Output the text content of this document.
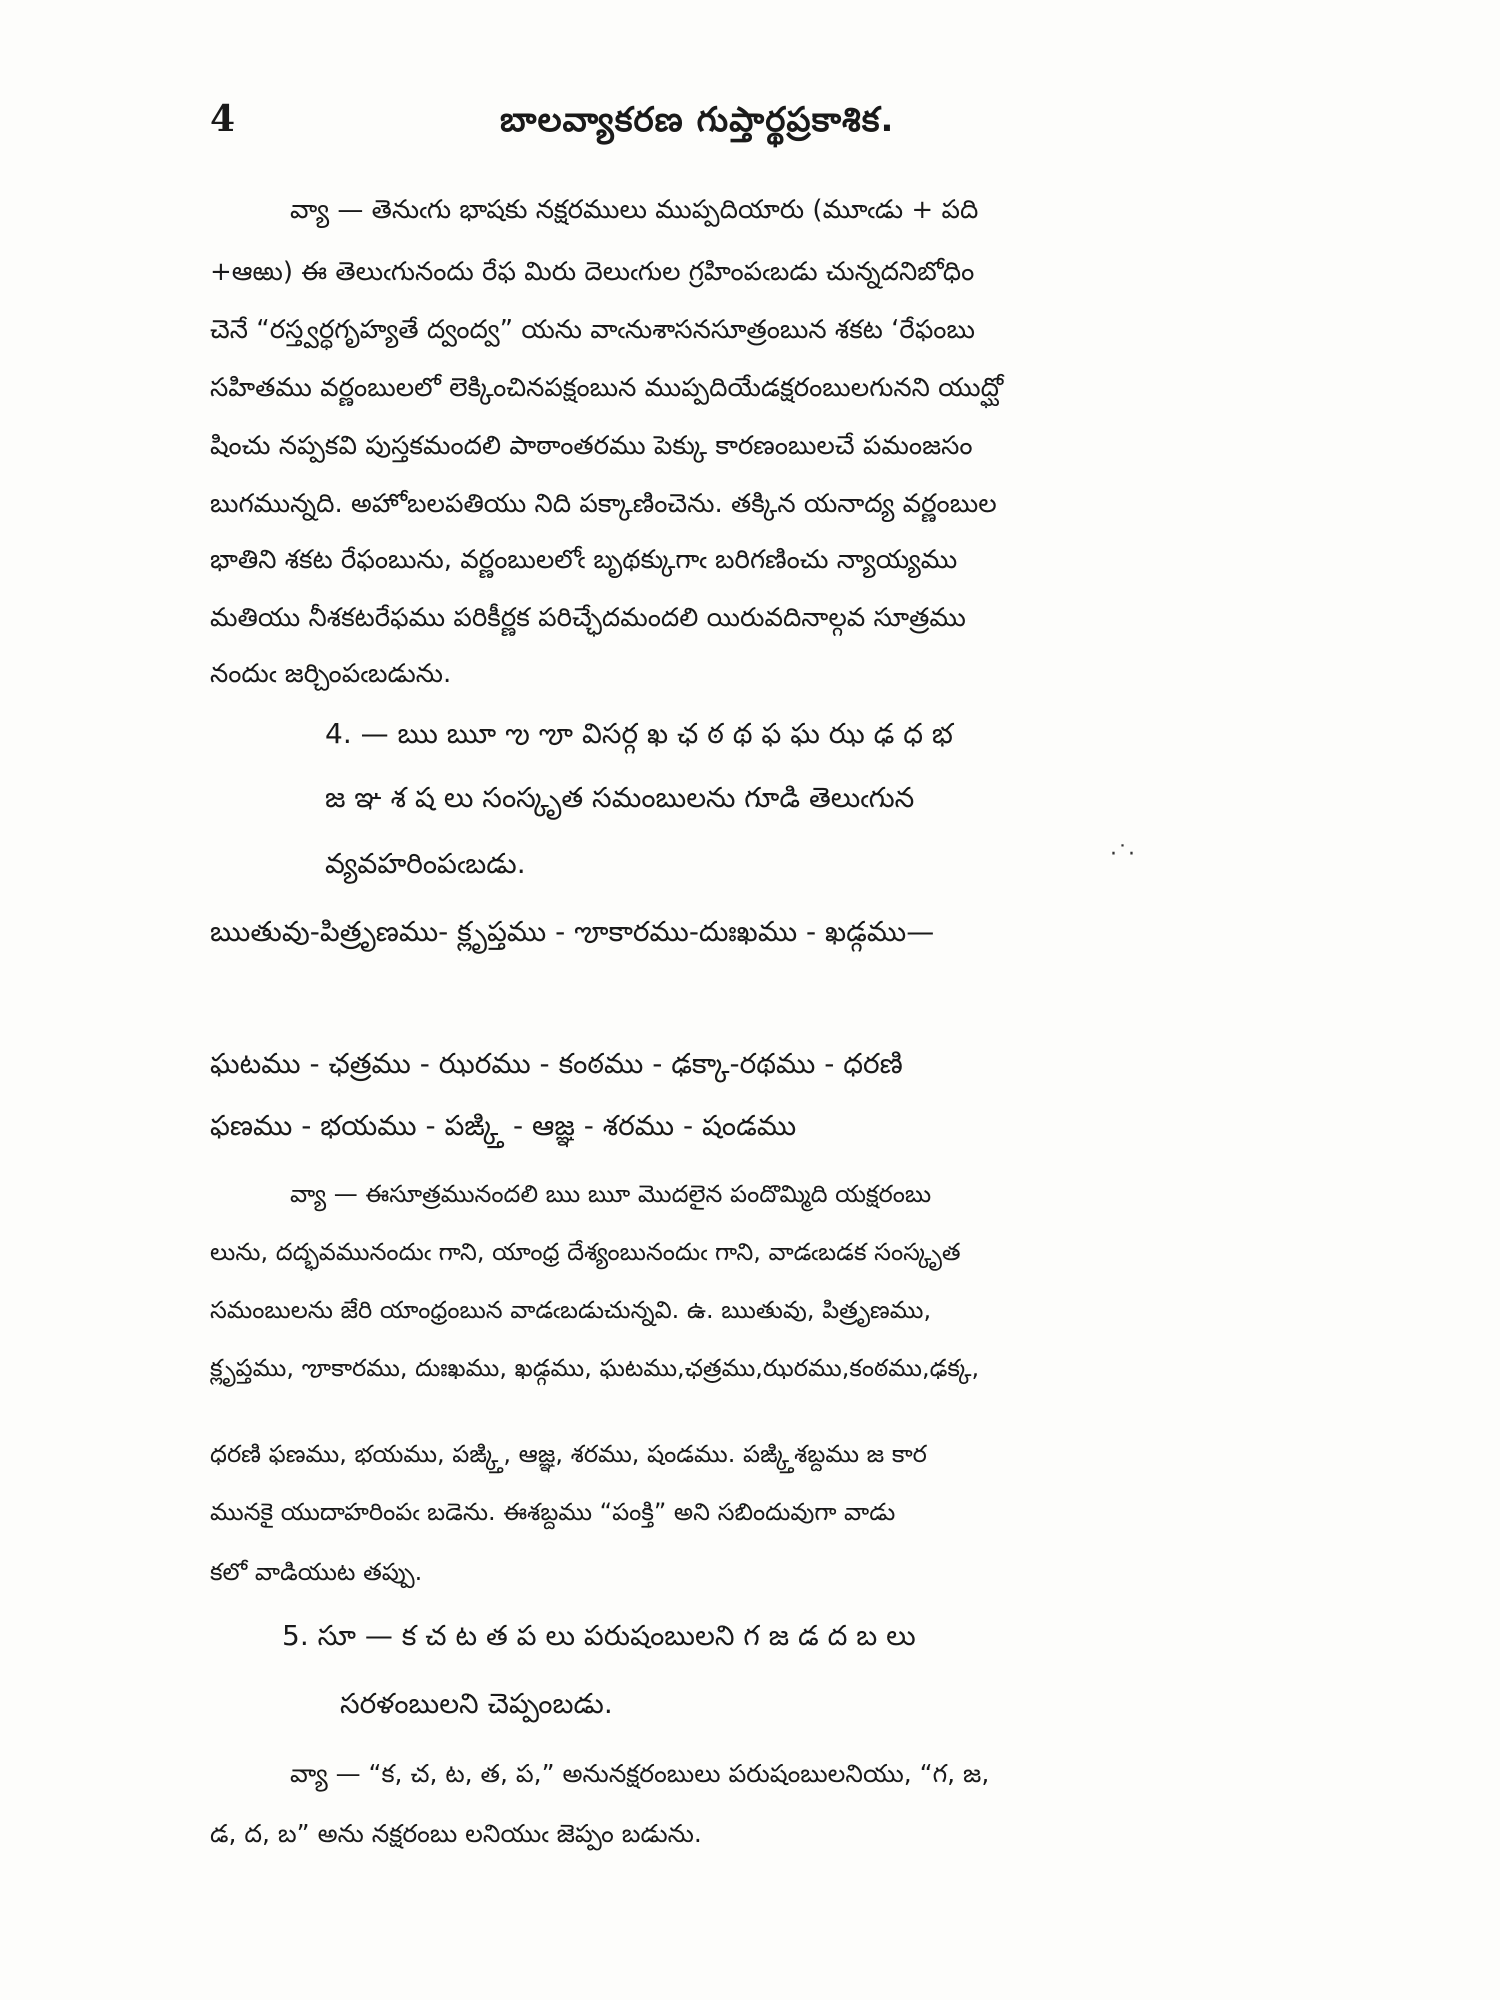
4	బాలవ్యాకరణ గుప్తార్థప్రకాశిక.
వ్యా — తెనుఁగు భాషకు నక్షరములు ముప్పదియారు (మూఁడు + పది
+ఆఱు) ఈ తెలుఁగునందు రేఫ మిరు దెలుఁగుల గ్రహింపఁబడు చున్నదనిబోధిం
చెనే “రస్త్వర్ధగృహ్యతే ద్వంద్వ” యను వాఁనుశాసనసూత్రంబున శకట ‘రేఫంబు
సహితము వర్ణంబులలో లెక్కించినపక్షంబున ముప్పదియేడక్షరంబులగునని యుద్ఘో
షించు నప్పకవి పుస్తకమందలి పాఠాంతరము పెక్కు కారణంబులచే పమంజసం
బుగమున్నది. అహోబలపతియు నిది పక్కాణించెను. తక్కిన యనాద్య వర్ణంబుల
భాతిని శకట రేఫంబును, వర్ణంబులలోఁ బృథక్కుగాఁ బరిగణించు న్యాయ్యము
మతియు నీశకటరేఫము పరికీర్ణక పరిచ్ఛేదమందలి యిరువదినాల్గవ సూత్రము
నందుఁ జర్చింపఁబడును.
4. — ఋ ౠ ఌ ౡ విసర్గ ఖ ఛ ఠ థ ఫ ఘ ఝ ఢ ధ భ
జ ఞ శ ష లు సంస్కృత సమంబులను గూడి తెలుఁగున
వ్యవహరింపఁబడు.	·˙·
ఋతువు-పిత్రృణము- క్లృప్తము - ౡకారము-దుఃఖము - ఖడ్గము—
ఘటము - ఛత్రము - ఝరము - కంఠము - ఢక్కా-రథము - ధరణి
ఫణము - భయము - పఙ్క్తి - ఆజ్ఞ - శరము - షండము
వ్యా — ఈసూత్రమునందలి ఋ ౠ మొదలైన పందొమ్మిది యక్షరంబు
లును, దద్భవమునందుఁ గాని, యాంధ్ర దేశ్యంబునందుఁ గాని, వాడఁబడక సంస్కృత
సమంబులను జేరి యాంధ్రంబున వాడఁబడుచున్నవి. ఉ. ఋతువు, పిత్రృణము,
క్లృప్తము, ౡకారము, దుఃఖము, ఖడ్గము, ఘటము,ఛత్రము,ఝరము,కంఠము,ఢక్క,
ధరణి ఫణము, భయము, పఙ్క్తి, ఆజ్ఞ, శరము, షండము. పఙ్క్తిశబ్దము జ కార
మునకై యుదాహరింపఁ బడెను. ఈశబ్దము “పంక్తి” అని సబిందువుగా వాడు
కలో వాడియుట తప్పు.
5. సూ — క చ ట త ప లు పరుషంబులని గ జ డ ద బ లు
సరళంబులని చెప్పంబడు.
వ్యా — “క, చ, ట, త, ప,” అనునక్షరంబులు పరుషంబులనియు, “గ, జ,
డ, ద, బ” అను నక్షరంబు లనియుఁ జెప్పం బడును.
